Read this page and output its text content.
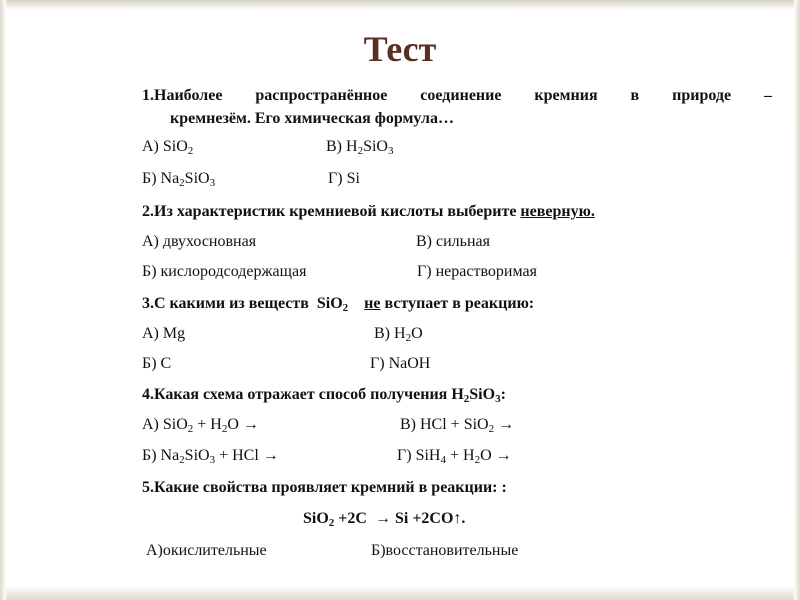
Тест
1.Наиболее распространённое соединение кремния в природе –
кремнезём. Его химическая формула…
А) SiO$_2$	В) $H_2SiO_3$
Б) $Na_2SiO_3$	Г) Si
2.Из характеристик кремниевой кислоты выберите неверную.
А) двухосновная	В) сильная
Б) кислородсодержащая	Г) нерастворимая
3.С какими из веществ  SiO$_2$ не вступает в реакцию:
А) Mg	В) $H_2O$
Б) C	Г) NaOH
4.Какая схема отражает способ получения $H_2SiO_3$:
А) $SiO_2 + H_2O$ →	В) HCl + SiO$_2$ →
Б) $Na_2SiO_3$ + HCl →	Г) $SiH_4 + H_2O$ →
5.Какие свойства проявляет кремний в реакции: :
SiO$_2$ +2C  → Si +2CO↑.
А)окислительные	Б)восстановительные
